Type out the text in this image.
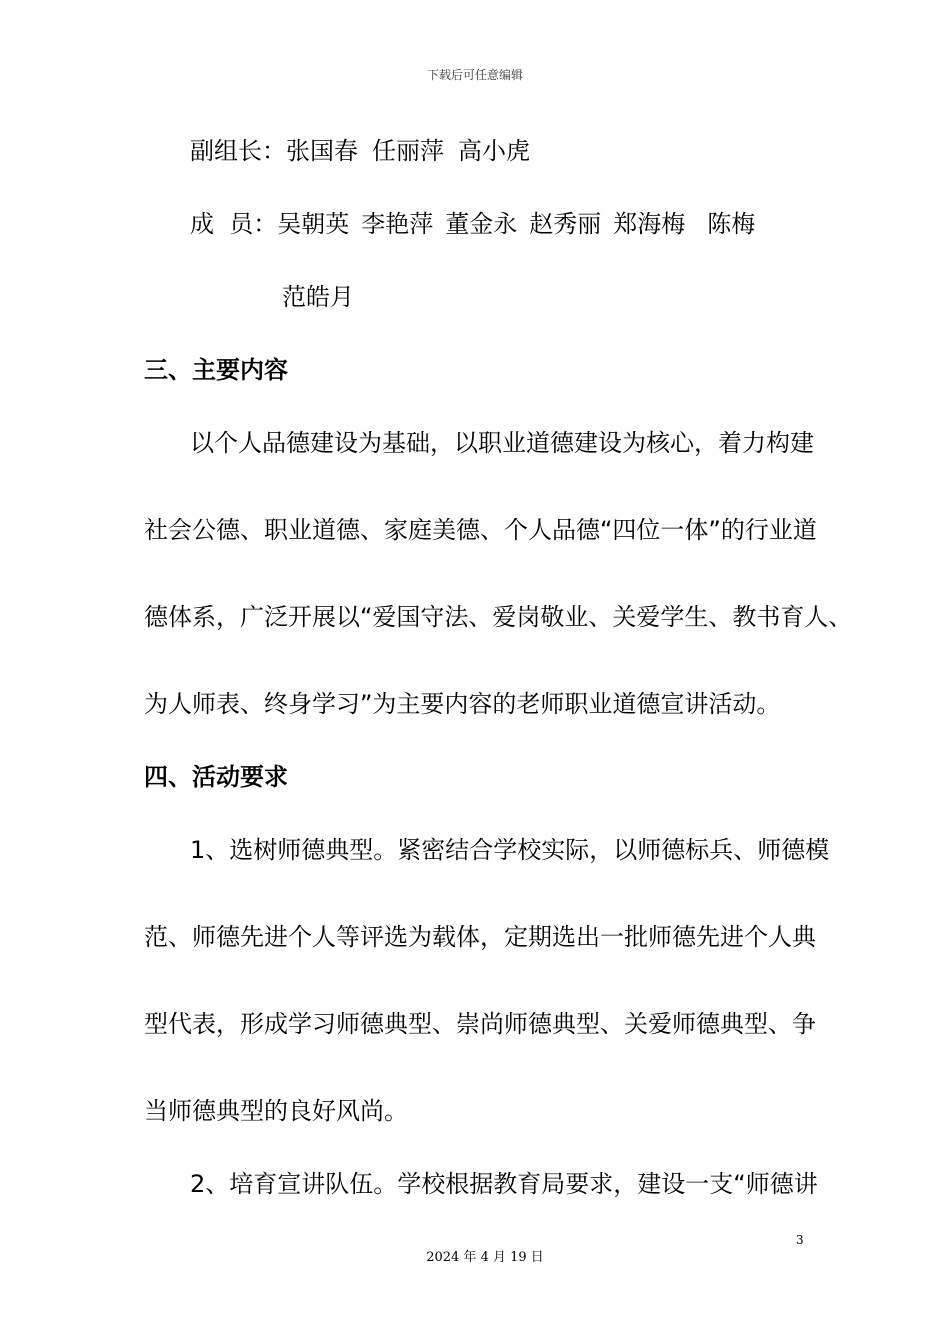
下载后可任意编辑
副组长：张国春 任丽萍 高小虎
成  员：吴朝英 李艳萍 董金永 赵秀丽 郑海梅 陈梅
范皓月
三、主要内容
以个人品德建设为基础，以职业道德建设为核心，着力构建
社会公德、职业道德、家庭美德、个人品德“四位一体”的行业道
德体系，广泛开展以“爱国守法、爱岗敬业、关爱学生、教书育人、
为人师表、终身学习”为主要内容的老师职业道德宣讲活动。
四、活动要求
1、选树师德典型。紧密结合学校实际，以师德标兵、师德模
范、师德先进个人等评选为载体，定期选出一批师德先进个人典
型代表，形成学习师德典型、崇尚师德典型、关爱师德典型、争
当师德典型的良好风尚。
2、培育宣讲队伍。学校根据教育局要求，建设一支“师德讲
3
2024 年 4 月 19 日
